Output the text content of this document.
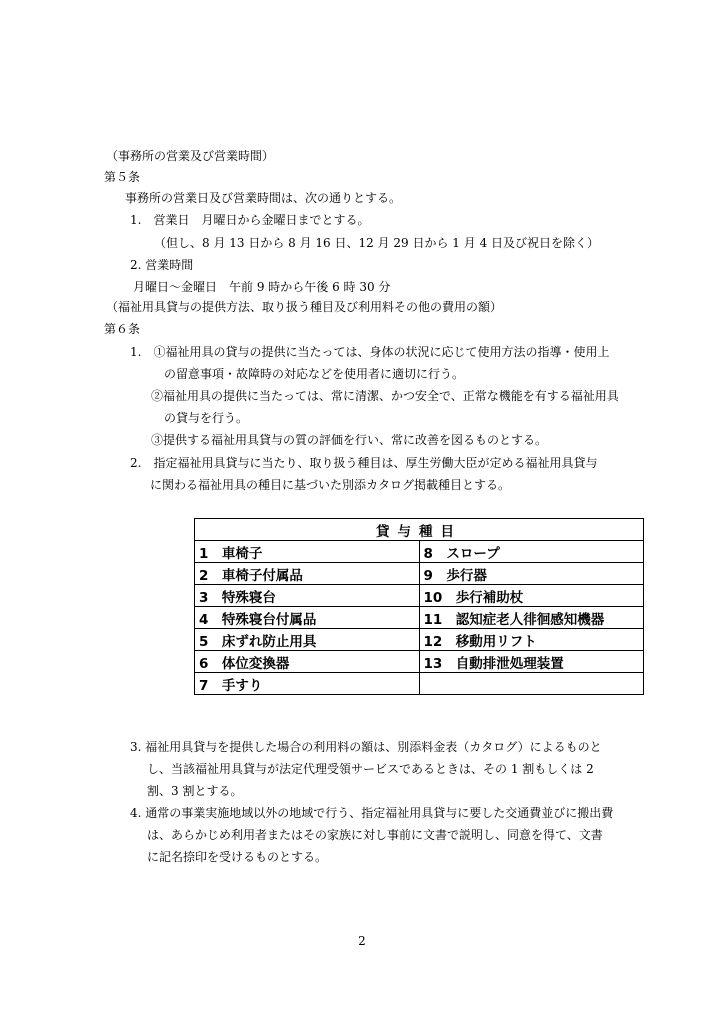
（事務所の営業及び営業時間）
第５条
事務所の営業日及び営業時間は、次の通りとする。
1.　営業日　月曜日から金曜日までとする。
（但し、8 月 13 日から 8 月 16 日、12 月 29 日から 1 月 4 日及び祝日を除く）
2. 営業時間
月曜日～金曜日　午前 9 時から午後 6 時 30 分
（福祉用具貸与の提供方法、取り扱う種目及び利用料その他の費用の額）
第６条
1.　①福祉用具の貸与の提供に当たっては、身体の状況に応じて使用方法の指導・使用上
の留意事項・故障時の対応などを使用者に適切に行う。
②福祉用具の提供に当たっては、常に清潔、かつ安全で、正常な機能を有する福祉用具
の貸与を行う。
③提供する福祉用具貸与の質の評価を行い、常に改善を図るものとする。
2.　指定福祉用具貸与に当たり、取り扱う種目は、厚生労働大臣が定める福祉用具貸与
に関わる福祉用具の種目に基づいた別添カタログ掲載種目とする。
貸与種目	
1　車椅子	8　スロープ
2　車椅子付属品	9　歩行器
3　特殊寝台	10　歩行補助杖
4　特殊寝台付属品	11　認知症老人徘徊感知機器
5　床ずれ防止用具	12　移動用リフト
6　体位変換器	13　自動排泄処理装置
7　手すり	
3. 福祉用具貸与を提供した場合の利用料の額は、別添料金表（カタログ）によるものと
し、当該福祉用具貸与が法定代理受領サービスであるときは、その 1 割もしくは 2
割、3 割とする。
4. 通常の事業実施地域以外の地域で行う、指定福祉用具貸与に要した交通費並びに搬出費
は、あらかじめ利用者またはその家族に対し事前に文書で説明し、同意を得て、文書
に記名捺印を受けるものとする。
2
